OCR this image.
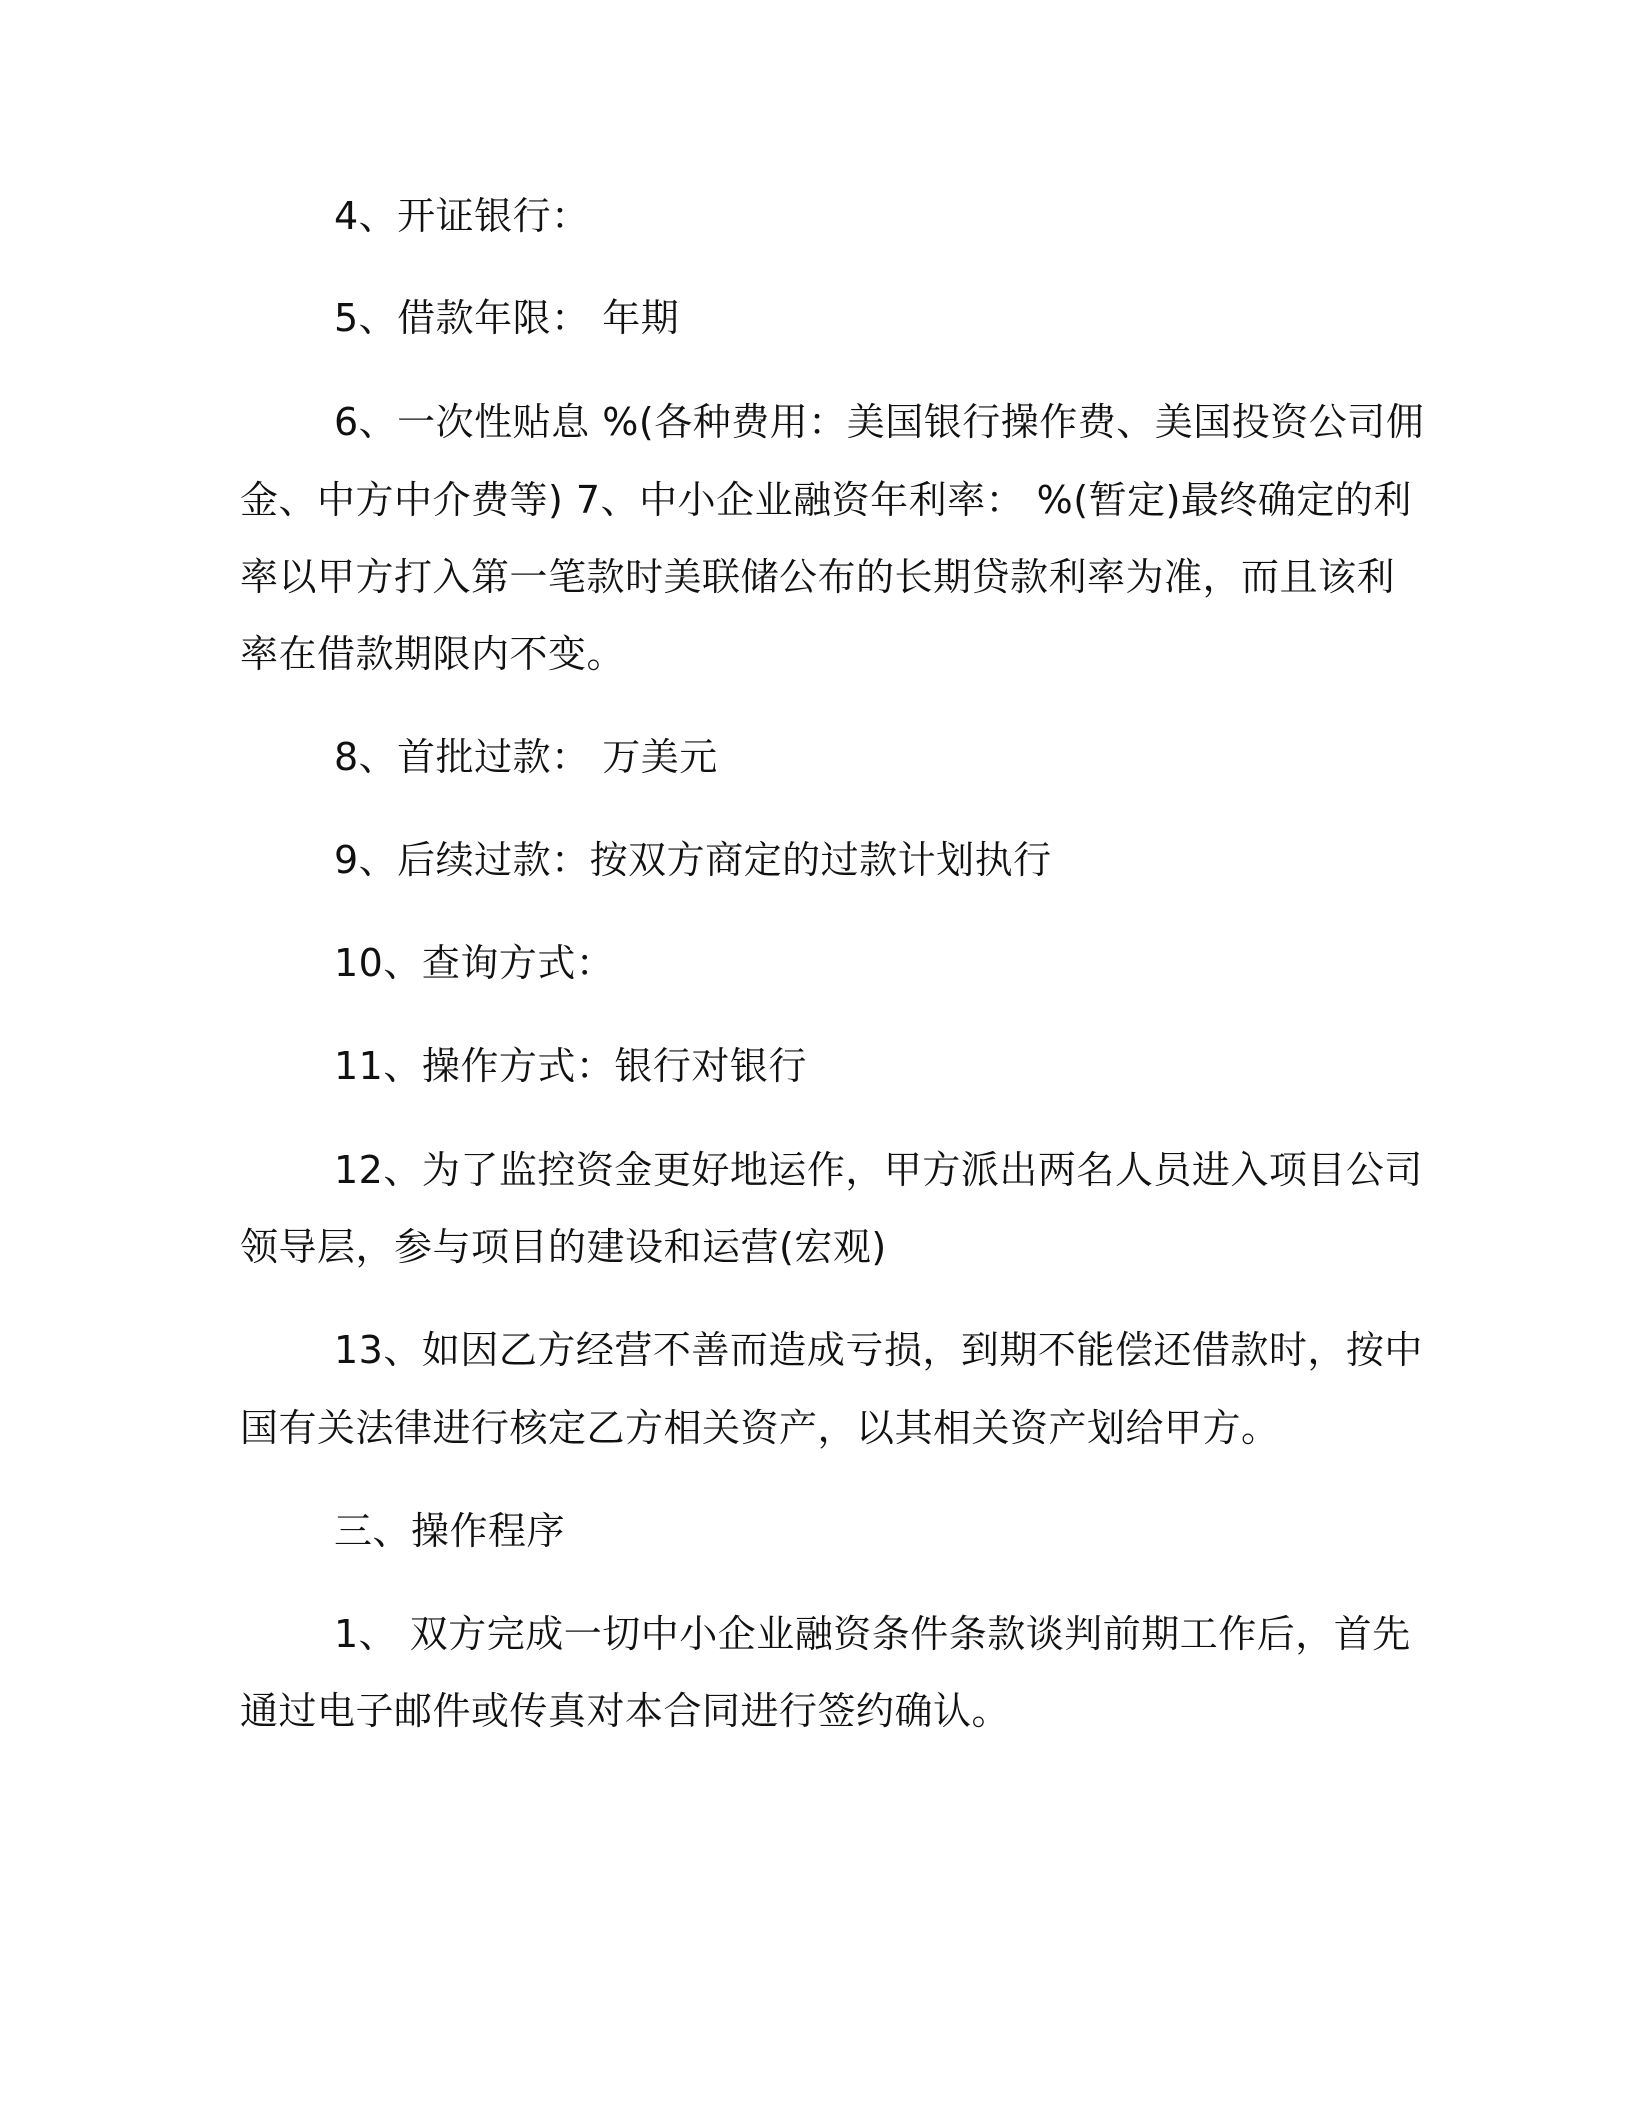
4、开证银行：
5、借款年限： 年期
6、一次性贴息 %(各种费用：美国银行操作费、美国投资公司佣
金、中方中介费等) 7、中小企业融资年利率： %(暂定)最终确定的利
率以甲方打入第一笔款时美联储公布的长期贷款利率为准，而且该利
率在借款期限内不变。
8、首批过款： 万美元
9、后续过款：按双方商定的过款计划执行
10、查询方式：
11、操作方式：银行对银行
12、为了监控资金更好地运作，甲方派出两名人员进入项目公司
领导层，参与项目的建设和运营(宏观)
13、如因乙方经营不善而造成亏损，到期不能偿还借款时，按中
国有关法律进行核定乙方相关资产，以其相关资产划给甲方。
三、操作程序
1、 双方完成一切中小企业融资条件条款谈判前期工作后，首先
通过电子邮件或传真对本合同进行签约确认。
